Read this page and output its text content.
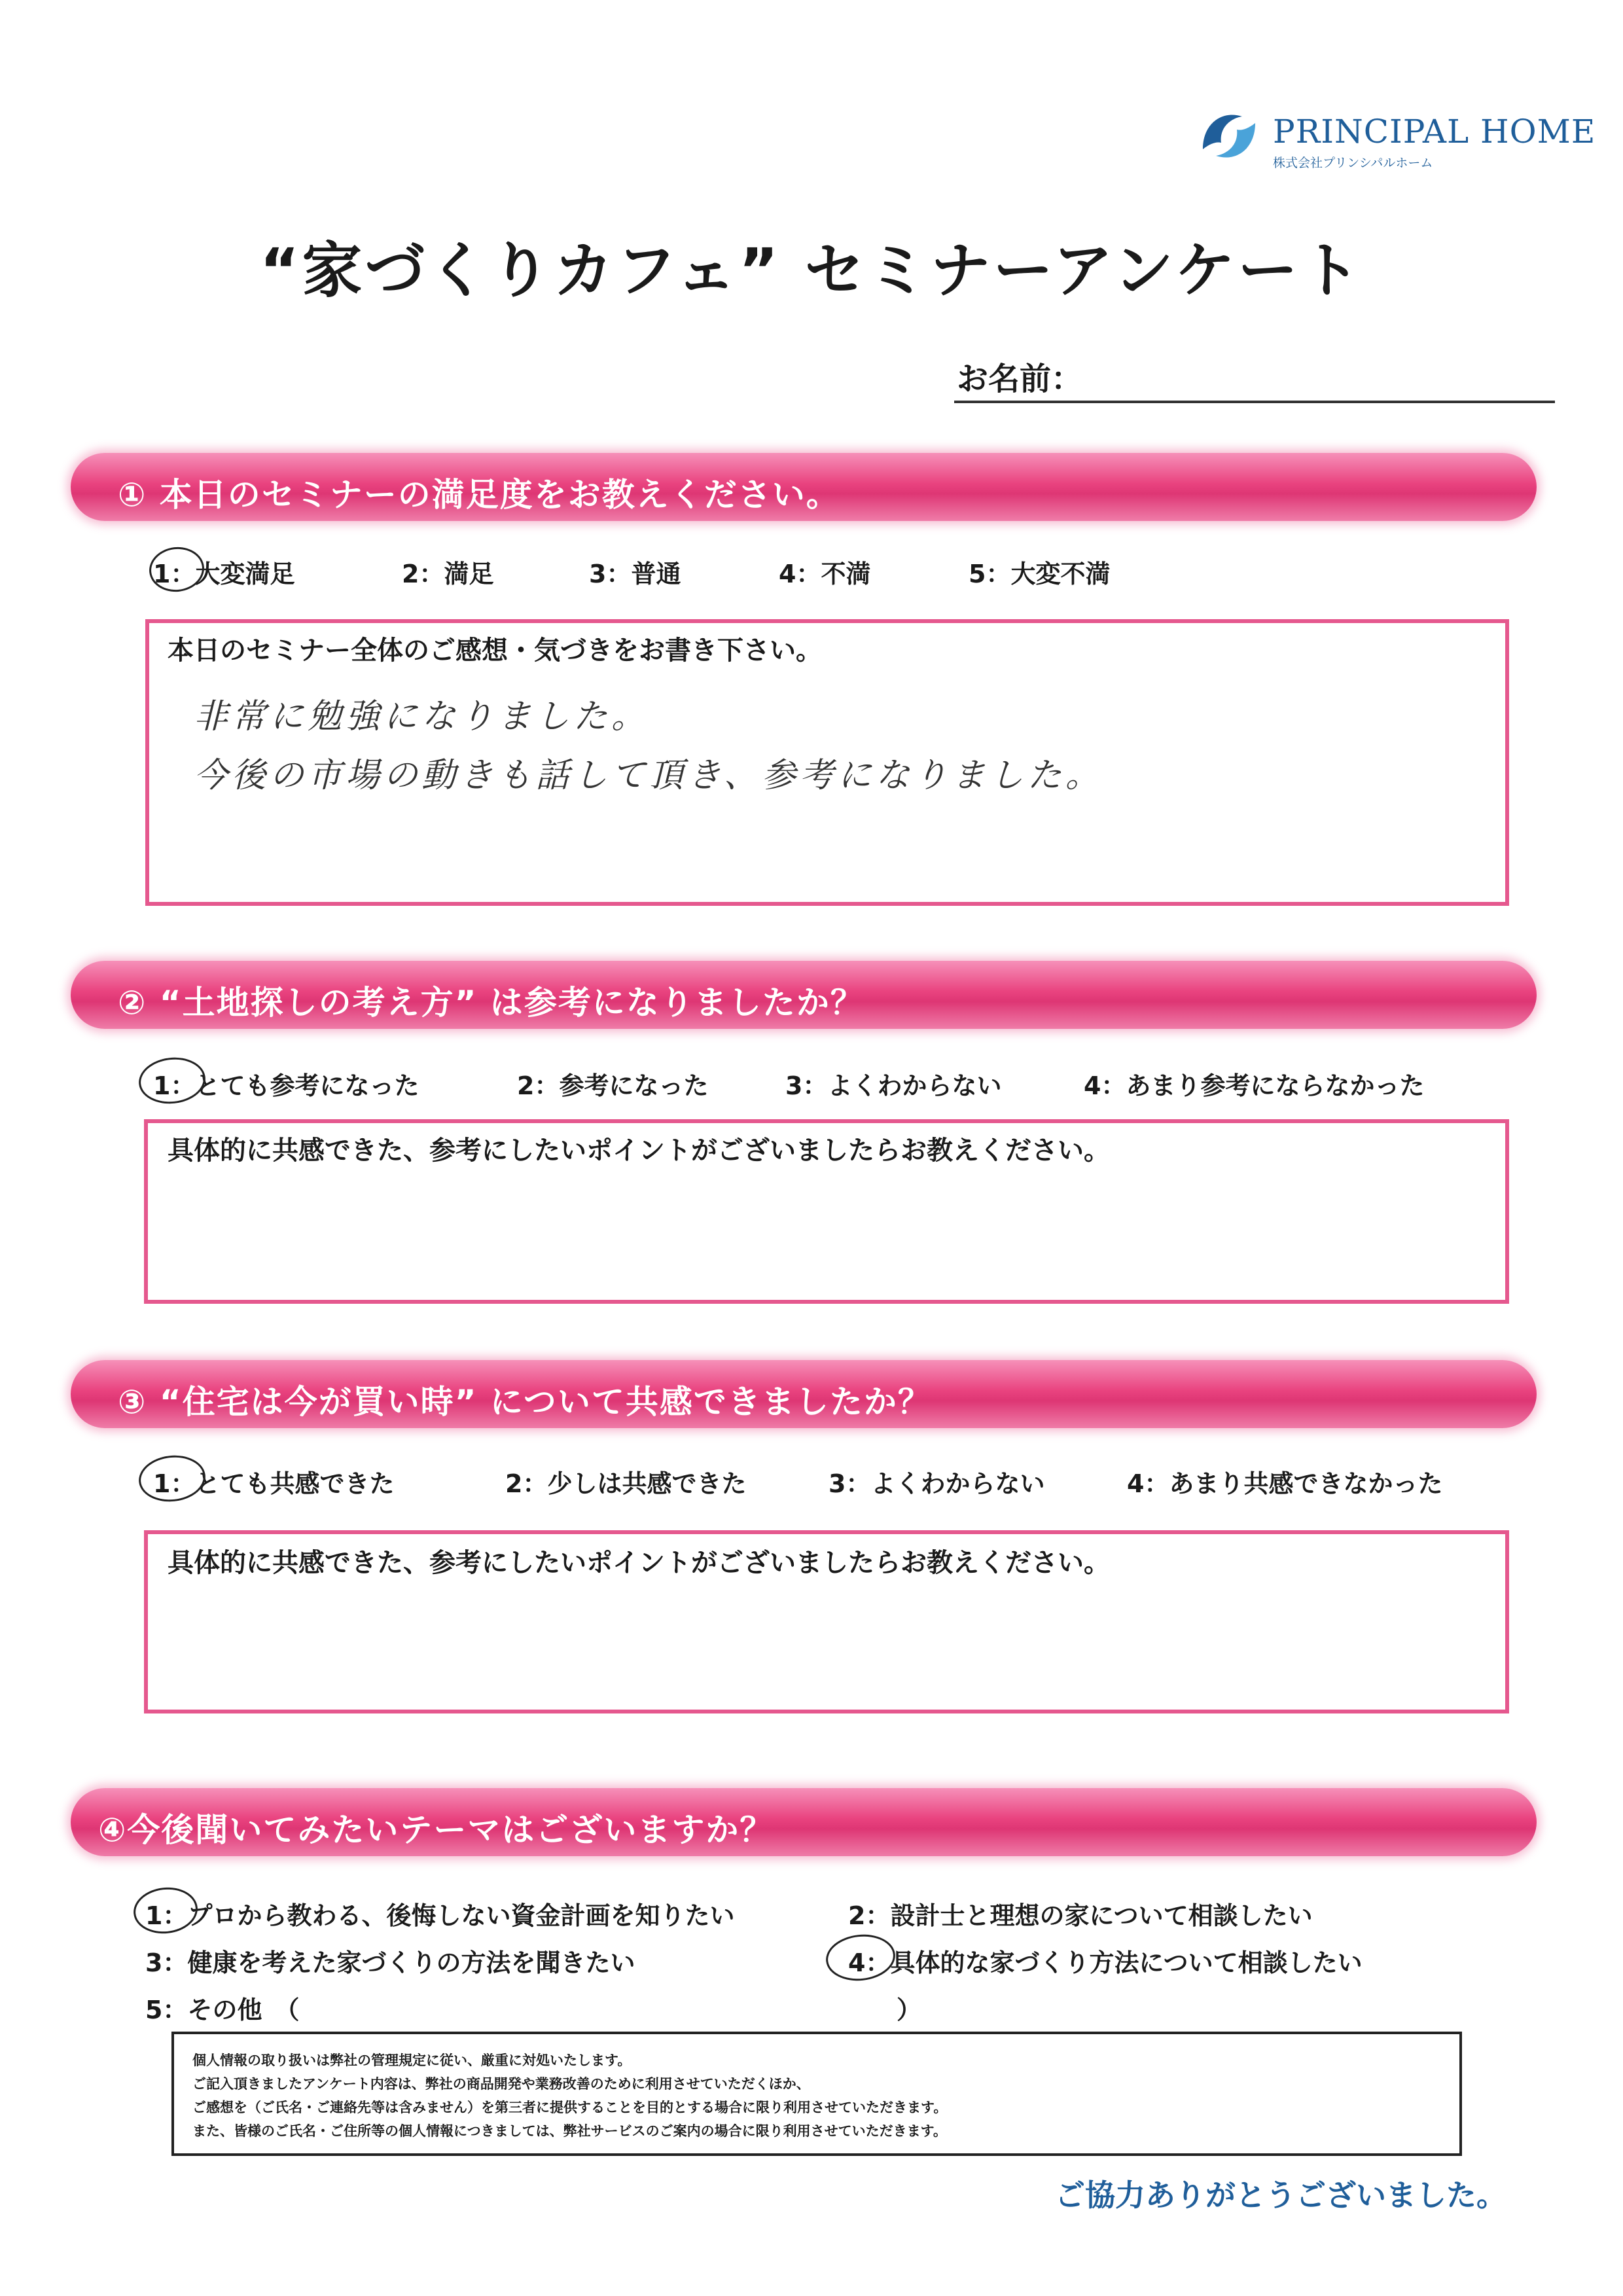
PRINCIPAL HOME
株式会社プリンシパルホーム
“家づくりカフェ” セミナーアンケート
お名前：
① 本日のセミナーの満足度をお教えください。
1：大変満足	2：満足	3：普通	4：不満	5：大変不満
本日のセミナー全体のご感想・気づきをお書き下さい。
非常に勉強になりました。
今後の市場の動きも話して頂き、参考になりました。
② “土地探しの考え方” は参考になりましたか？
1：とても参考になった	2：参考になった	3：よくわからない	4：あまり参考にならなかった
具体的に共感できた、参考にしたいポイントがございましたらお教えください。
③ “住宅は今が買い時” について共感できましたか？
1：とても共感できた	2：少しは共感できた	3：よくわからない	4：あまり共感できなかった
具体的に共感できた、参考にしたいポイントがございましたらお教えください。
④今後聞いてみたいテーマはございますか？
1：プロから教わる、後悔しない資金計画を知りたい	2：設計士と理想の家について相談したい
3：健康を考えた家づくりの方法を聞きたい	4：具体的な家づくり方法について相談したい
5：その他　（	）
個人情報の取り扱いは弊社の管理規定に従い、厳重に対処いたします。
ご記入頂きましたアンケート内容は、弊社の商品開発や業務改善のために利用させていただくほか、
ご感想を（ご氏名・ご連絡先等は含みません）を第三者に提供することを目的とする場合に限り利用させていただきます。
また、皆様のご氏名・ご住所等の個人情報につきましては、弊社サービスのご案内の場合に限り利用させていただきます。
ご協力ありがとうございました。
